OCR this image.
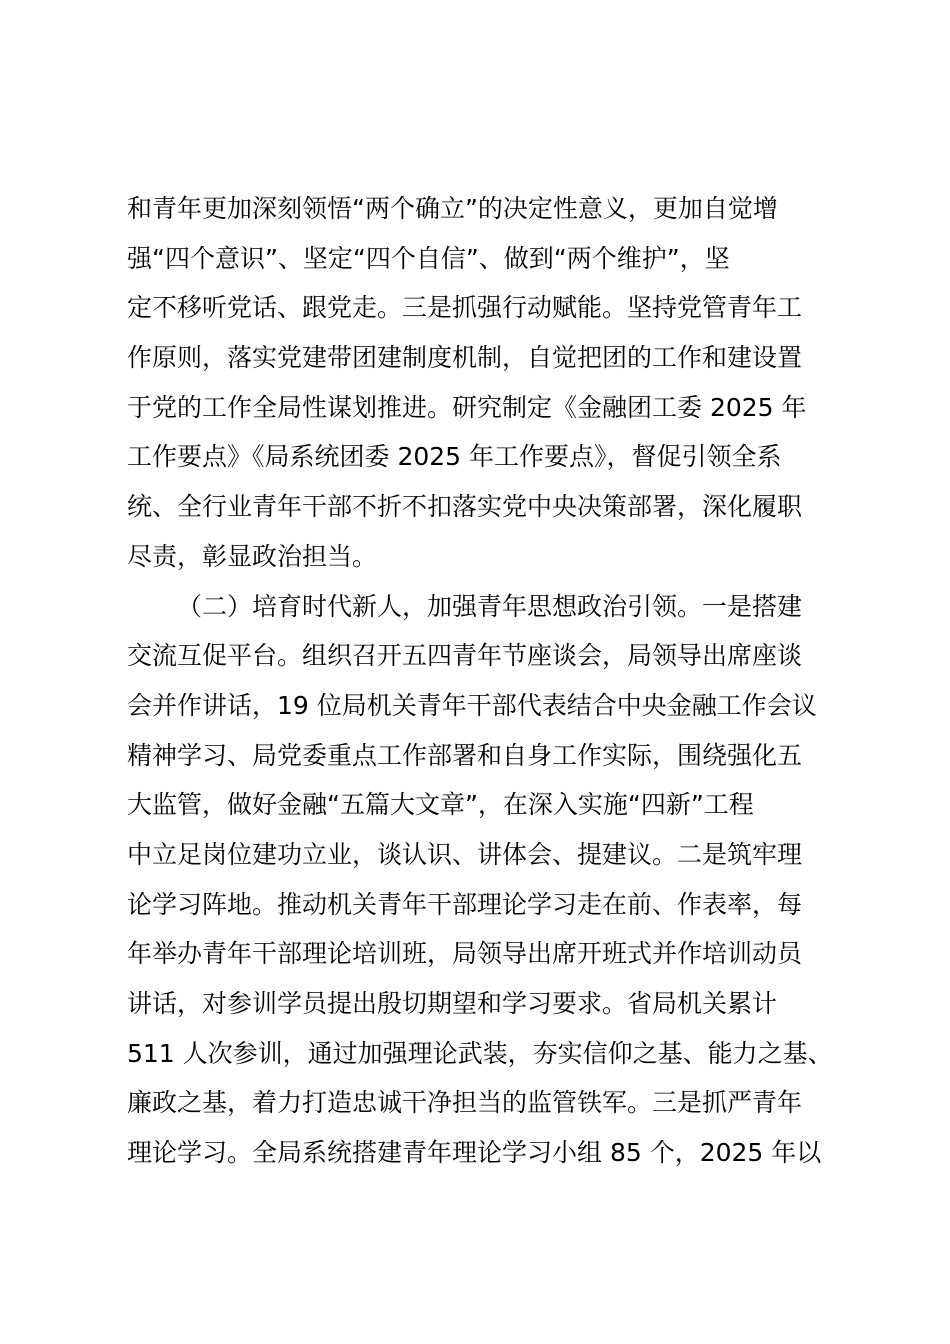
和青年更加深刻领悟“两个确立”的决定性意义，更加自觉增
强“四个意识”、坚定“四个自信”、做到“两个维护”，坚
定不移听党话、跟党走。三是抓强行动赋能。坚持党管青年工
作原则，落实党建带团建制度机制，自觉把团的工作和建设置
于党的工作全局性谋划推进。研究制定《金融团工委 2025 年
工作要点》《局系统团委 2025 年工作要点》，督促引领全系
统、全行业青年干部不折不扣落实党中央决策部署，深化履职
尽责，彰显政治担当。
（二）培育时代新人，加强青年思想政治引领。一是搭建
交流互促平台。组织召开五四青年节座谈会，局领导出席座谈
会并作讲话，19 位局机关青年干部代表结合中央金融工作会议
精神学习、局党委重点工作部署和自身工作实际，围绕强化五
大监管，做好金融“五篇大文章”，在深入实施“四新”工程
中立足岗位建功立业，谈认识、讲体会、提建议。二是筑牢理
论学习阵地。推动机关青年干部理论学习走在前、作表率，每
年举办青年干部理论培训班，局领导出席开班式并作培训动员
讲话，对参训学员提出殷切期望和学习要求。省局机关累计
511 人次参训，通过加强理论武装，夯实信仰之基、能力之基、
廉政之基，着力打造忠诚干净担当的监管铁军。三是抓严青年
理论学习。全局系统搭建青年理论学习小组 85 个，2025 年以
